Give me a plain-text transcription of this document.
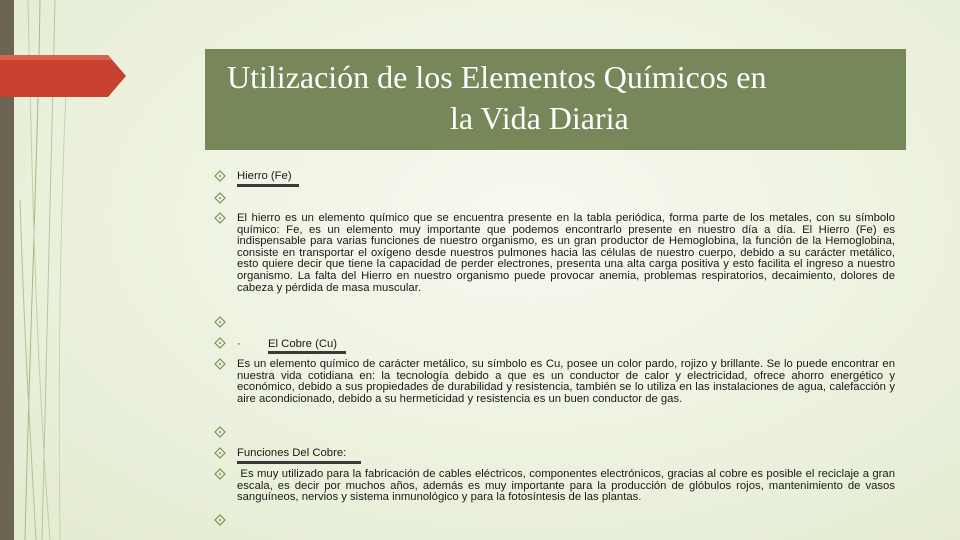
Utilización de los Elementos Químicos en
la Vida Diaria
Hierro (Fe)
El hierro es un elemento químico que se encuentra presente en la tabla periódica, forma parte de los metales, con su símbolo químico: Fe, es un elemento muy importante que podemos encontrarlo presente en nuestro día a día. El Hierro (Fe) es indispensable para varias funciones de nuestro organismo, es un gran productor de Hemoglobina, la función de la Hemoglobina, consiste en transportar el oxígeno desde nuestros pulmones hacia las células de nuestro cuerpo, debido a su carácter metálico, esto quiere decir que tiene la capacidad de perder electrones, presenta una alta carga positiva y esto facilita el ingreso a nuestro organismo. La falta del Hierro en nuestro organismo puede provocar anemia, problemas respiratorios, decaimiento, dolores de cabeza y pérdida de masa muscular.
· El Cobre (Cu)
Es un elemento químico de carácter metálico, su símbolo es Cu, posee un color pardo, rojizo y brillante. Se lo puede encontrar en nuestra vida cotidiana en: la tecnología debido a que es un conductor de calor y electricidad, ofrece ahorro energético y económico, debido a sus propiedades de durabilidad y resistencia, también se lo utiliza en las instalaciones de agua, calefacción y aire acondicionado, debido a su hermeticidad y resistencia es un buen conductor de gas.
Funciones Del Cobre:
Es muy utilizado para la fabricación de cables eléctricos, componentes electrónicos, gracias al cobre es posible el reciclaje a gran escala, es decir por muchos años, además es muy importante para la producción de glóbulos rojos, mantenimiento de vasos sanguíneos, nervios y sistema inmunológico y para la fotosíntesis de las plantas.
